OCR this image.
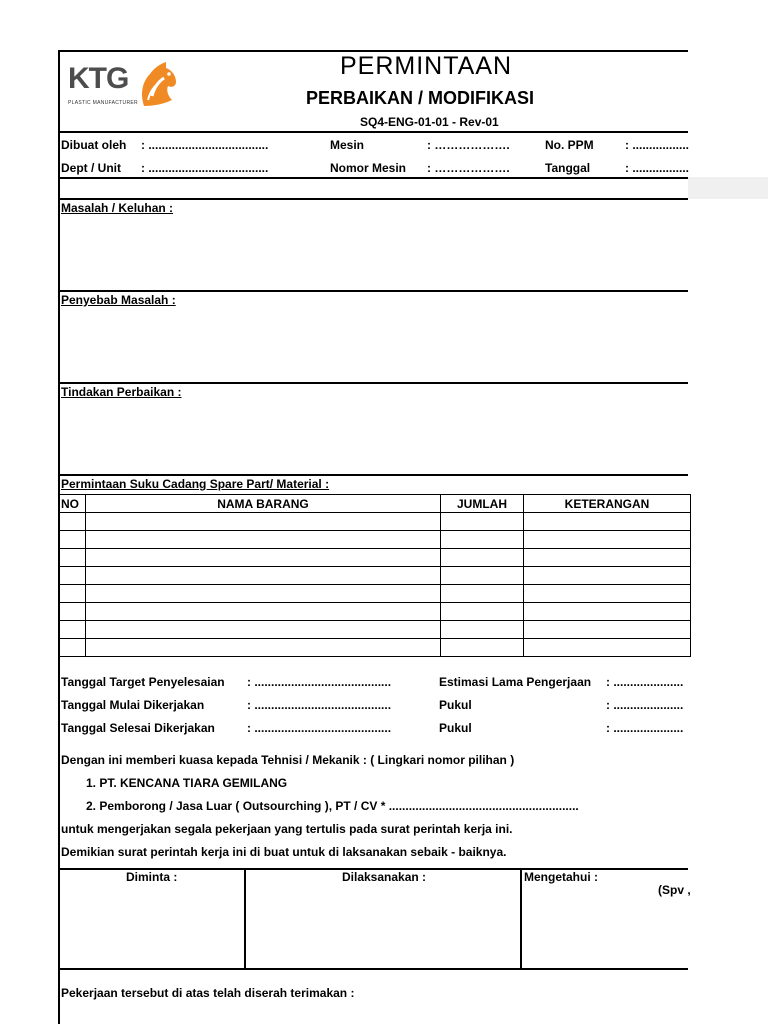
KTG
PLASTIC MANUFACTURER
PERMINTAAN
PERBAIKAN / MODIFIKASI
SQ4-ENG-01-01 - Rev-01
Dibuat oleh : ....................................	Mesin	: ……………….	No. PPM	: .................
Dept / Unit : ....................................	Nomor Mesin : ……………….	Tanggal	: .................
Masalah / Keluhan :
Penyebab Masalah :
Tindakan Perbaikan :
Permintaan Suku Cadang Spare Part/ Material :
NO	NAMA BARANG	JUMLAH	KETERANGAN

Tanggal Target Penyelesaian : .........................................	Estimasi Lama Pengerjaan : .....................
Tanggal Mulai Dikerjakan	: .........................................	Pukul	: .....................
Tanggal Selesai Dikerjakan	: .........................................	Pukul	: .....................
Dengan ini memberi kuasa kepada Tehnisi / Mekanik : ( Lingkari nomor pilihan )
1. PT. KENCANA TIARA GEMILANG
2. Pemborong / Jasa Luar ( Outsourching ), PT / CV * .........................................................
untuk mengerjakan segala pekerjaan yang tertulis pada surat perintah kerja ini.
Demikian surat perintah kerja ini di buat untuk di laksanakan sebaik - baiknya.
Diminta :	Dilaksanakan :	Mengetahui :
(Spv ,
Pekerjaan tersebut di atas telah diserah terimakan :
